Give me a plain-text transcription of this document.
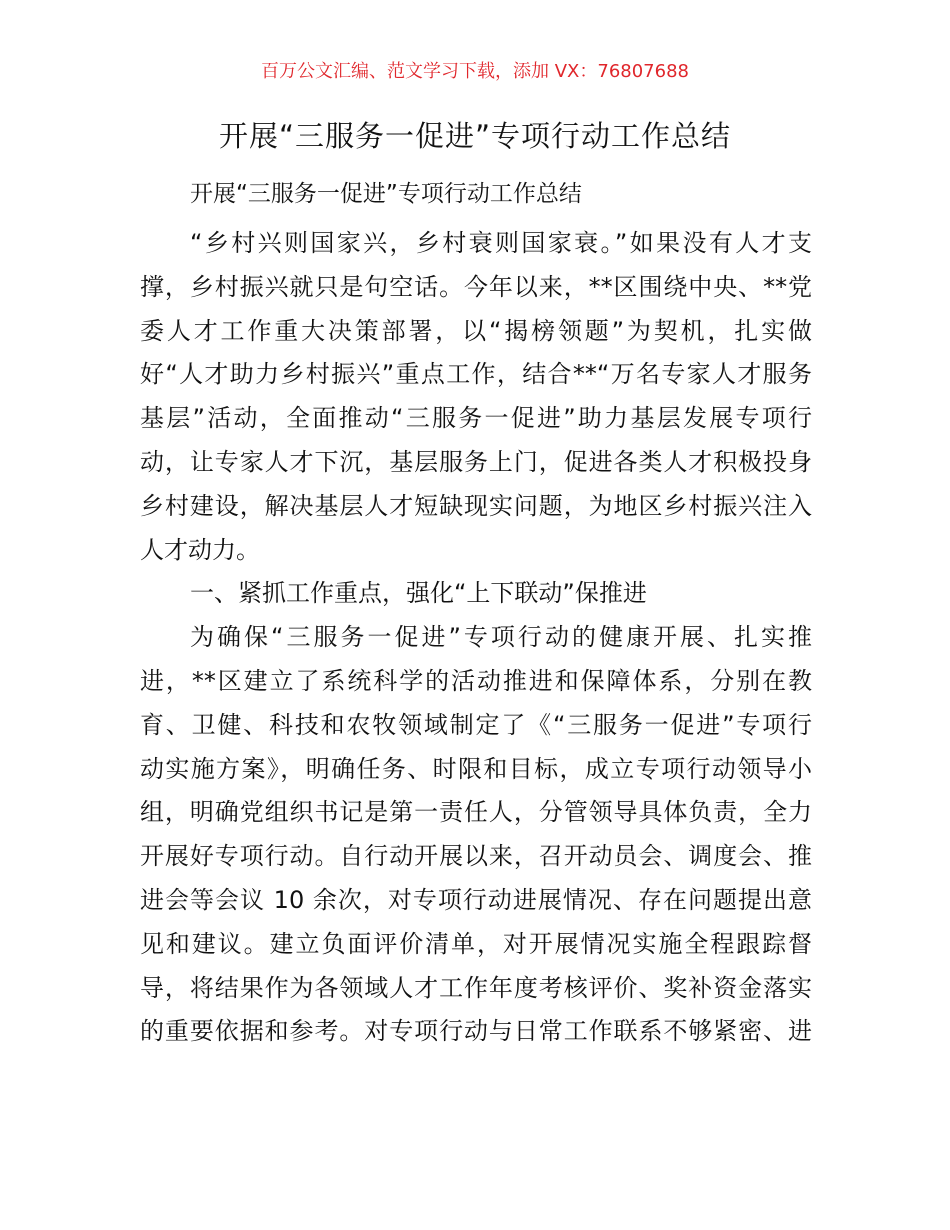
百万公文汇编、范文学习下载，添加 VX：76807688
开展“三服务一促进”专项行动工作总结
开展“三服务一促进”专项行动工作总结
“乡村兴则国家兴，乡村衰则国家衰。”如果没有人才支
撑，乡村振兴就只是句空话。今年以来，**区围绕中央、**党
委人才工作重大决策部署，以“揭榜领题”为契机，扎实做
好“人才助力乡村振兴”重点工作，结合**“万名专家人才服务
基层”活动，全面推动“三服务一促进”助力基层发展专项行
动，让专家人才下沉，基层服务上门，促进各类人才积极投身
乡村建设，解决基层人才短缺现实问题，为地区乡村振兴注入
人才动力。
一、紧抓工作重点，强化“上下联动”保推进
为确保“三服务一促进”专项行动的健康开展、扎实推
进，**区建立了系统科学的活动推进和保障体系，分别在教
育、卫健、科技和农牧领域制定了《“三服务一促进”专项行
动实施方案》，明确任务、时限和目标，成立专项行动领导小
组，明确党组织书记是第一责任人，分管领导具体负责，全力
开展好专项行动。自行动开展以来，召开动员会、调度会、推
进会等会议 10 余次，对专项行动进展情况、存在问题提出意
见和建议。建立负面评价清单，对开展情况实施全程跟踪督
导，将结果作为各领域人才工作年度考核评价、奖补资金落实
的重要依据和参考。对专项行动与日常工作联系不够紧密、进
